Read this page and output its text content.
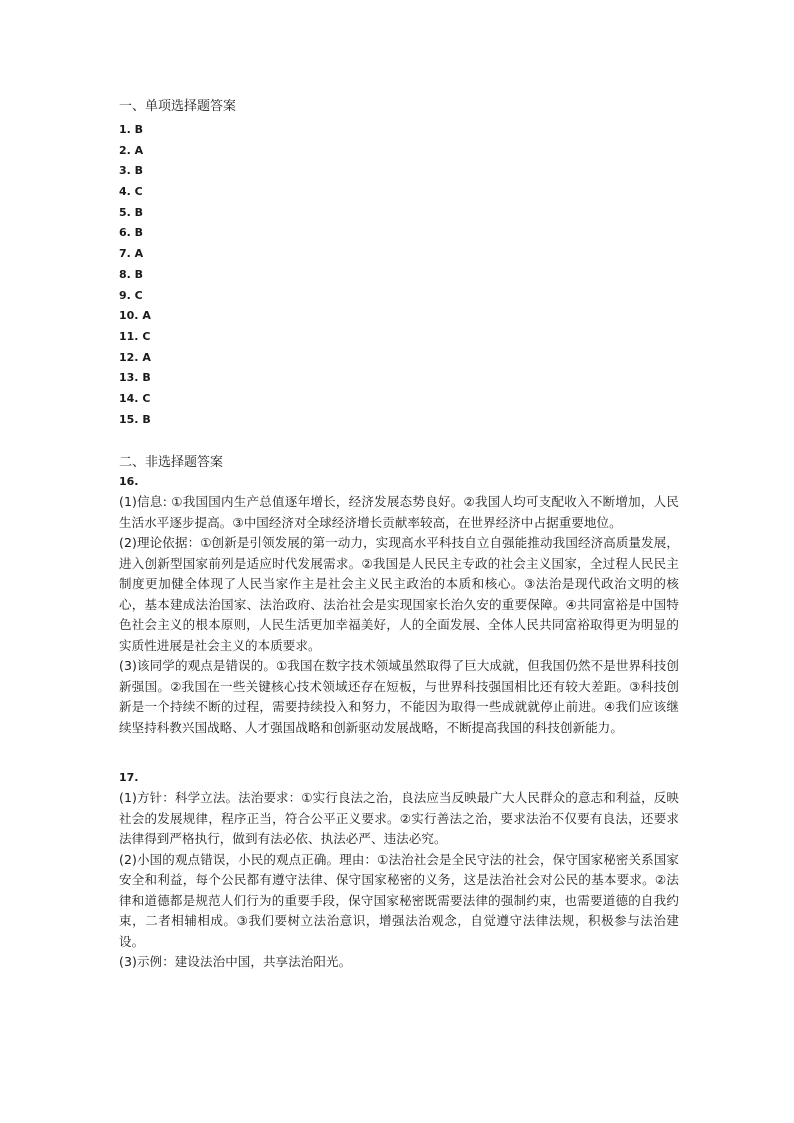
一、单项选择题答案
1. B
2. A
3. B
4. C
5. B
6. B
7. A
8. B
9. C
10. A
11. C
12. A
13. B
14. C
15. B
二、非选择题答案

16.

(1)信息: ①我国国内生产总值逐年增长，经济发展态势良好。②我国人均可支配收入不断增加，人民生活水平逐步提高。③中国经济对全球经济增长贡献率较高，在世界经济中占据重要地位。

(2)理论依据：①创新是引领发展的第一动力，实现高水平科技自立自强能推动我国经济高质量发展，进入创新型国家前列是适应时代发展需求。②我国是人民民主专政的社会主义国家，全过程人民民主制度更加健全体现了人民当家作主是社会主义民主政治的本质和核心。③法治是现代政治文明的核心，基本建成法治国家、法治政府、法治社会是实现国家长治久安的重要保障。④共同富裕是中国特色社会主义的根本原则，人民生活更加幸福美好，人的全面发展、全体人民共同富裕取得更为明显的实质性进展是社会主义的本质要求。

(3)该同学的观点是错误的。①我国在数字技术领域虽然取得了巨大成就，但我国仍然不是世界科技创新强国。②我国在一些关键核心技术领域还存在短板，与世界科技强国相比还有较大差距。③科技创新是一个持续不断的过程，需要持续投入和努力，不能因为取得一些成就就停止前进。④我们应该继续坚持科教兴国战略、人才强国战略和创新驱动发展战略，不断提高我国的科技创新能力。

17.

(1)方针：科学立法。法治要求：①实行良法之治，良法应当反映最广大人民群众的意志和利益，反映社会的发展规律，程序正当，符合公平正义要求。②实行善法之治，要求法治不仅要有良法，还要求法律得到严格执行，做到有法必依、执法必严、违法必究。

(2)小国的观点错误，小民的观点正确。理由：①法治社会是全民守法的社会，保守国家秘密关系国家安全和利益，每个公民都有遵守法律、保守国家秘密的义务，这是法治社会对公民的基本要求。②法律和道德都是规范人们行为的重要手段，保守国家秘密既需要法律的强制约束，也需要道德的自我约束，二者相辅相成。③我们要树立法治意识，增强法治观念，自觉遵守法律法规，积极参与法治建设。

(3)示例：建设法治中国，共享法治阳光。
